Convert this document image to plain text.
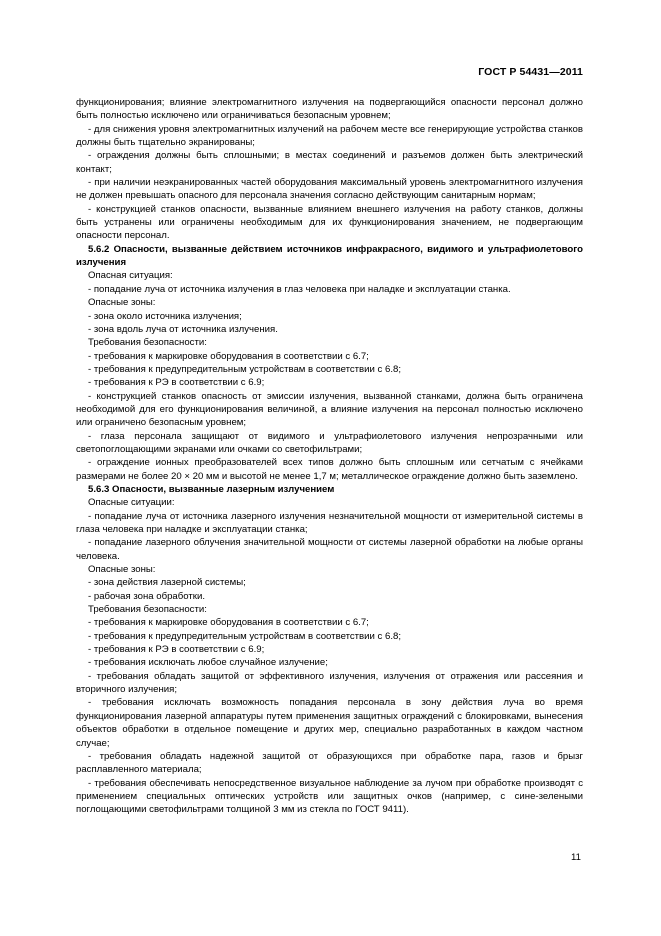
ГОСТ Р 54431—2011

функционирования; влияние электромагнитного излучения на подвергающийся опасности персонал должно быть полностью исключено или ограничиваться безопасным уровнем;

- для снижения уровня электромагнитных излучений на рабочем месте все генерирующие устройства станков должны быть тщательно экранированы;

- ограждения должны быть сплошными; в местах соединений и разъемов должен быть электрический контакт;

- при наличии неэкранированных частей оборудования максимальный уровень электромагнитного излучения не должен превышать опасного для персонала значения согласно действующим санитарным нормам;

- конструкцией станков опасности, вызванные влиянием внешнего излучения на работу станков, должны быть устранены или ограничены необходимым для их функционирования значением, не подвергающим опасности персонал.

5.6.2 Опасности, вызванные действием источников инфракрасного, видимого и ультрафиолетового излучения

Опасная ситуация:

- попадание луча от источника излучения в глаз человека при наладке и эксплуатации станка.

Опасные зоны:

- зона около источника излучения;

- зона вдоль луча от источника излучения.

Требования безопасности:

- требования к маркировке оборудования в соответствии с 6.7;

- требования к предупредительным устройствам в соответствии с 6.8;

- требования к РЭ в соответствии с 6.9;

- конструкцией станков опасность от эмиссии излучения, вызванной станками, должна быть ограничена необходимой для его функционирования величиной, а влияние излучения на персонал полностью исключено или ограничено безопасным уровнем;

- глаза персонала защищают от видимого и ультрафиолетового излучения непрозрачными или светопоглощающими экранами или очками со светофильтрами;

- ограждение ионных преобразователей всех типов должно быть сплошным или сетчатым с ячейками размерами не более 20 × 20 мм и высотой не менее 1,7 м; металлическое ограждение должно быть заземлено.

5.6.3 Опасности, вызванные лазерным излучением

Опасные ситуации:

- попадание луча от источника лазерного излучения незначительной мощности от измерительной системы в глаза человека при наладке и эксплуатации станка;

- попадание лазерного облучения значительной мощности от системы лазерной обработки на любые органы человека.

Опасные зоны:

- зона действия лазерной системы;

- рабочая зона обработки.

Требования безопасности:

- требования к маркировке оборудования в соответствии с 6.7;

- требования к предупредительным устройствам в соответствии с 6.8;

- требования к РЭ в соответствии с 6.9;

- требования исключать любое случайное излучение;

- требования обладать защитой от эффективного излучения, излучения от отражения или рассеяния и вторичного излучения;

- требования исключать возможность попадания персонала в зону действия луча во время функционирования лазерной аппаратуры путем применения защитных ограждений с блокировками, вынесения объектов обработки в отдельное помещение и других мер, специально разработанных в каждом частном случае;

- требования обладать надежной защитой от образующихся при обработке пара, газов и брызг расплавленного материала;

- требования обеспечивать непосредственное визуальное наблюдение за лучом при обработке производят с применением специальных оптических устройств или защитных очков (например, с сине-зелеными поглощающими светофильтрами толщиной 3 мм из стекла по ГОСТ 9411).

11
